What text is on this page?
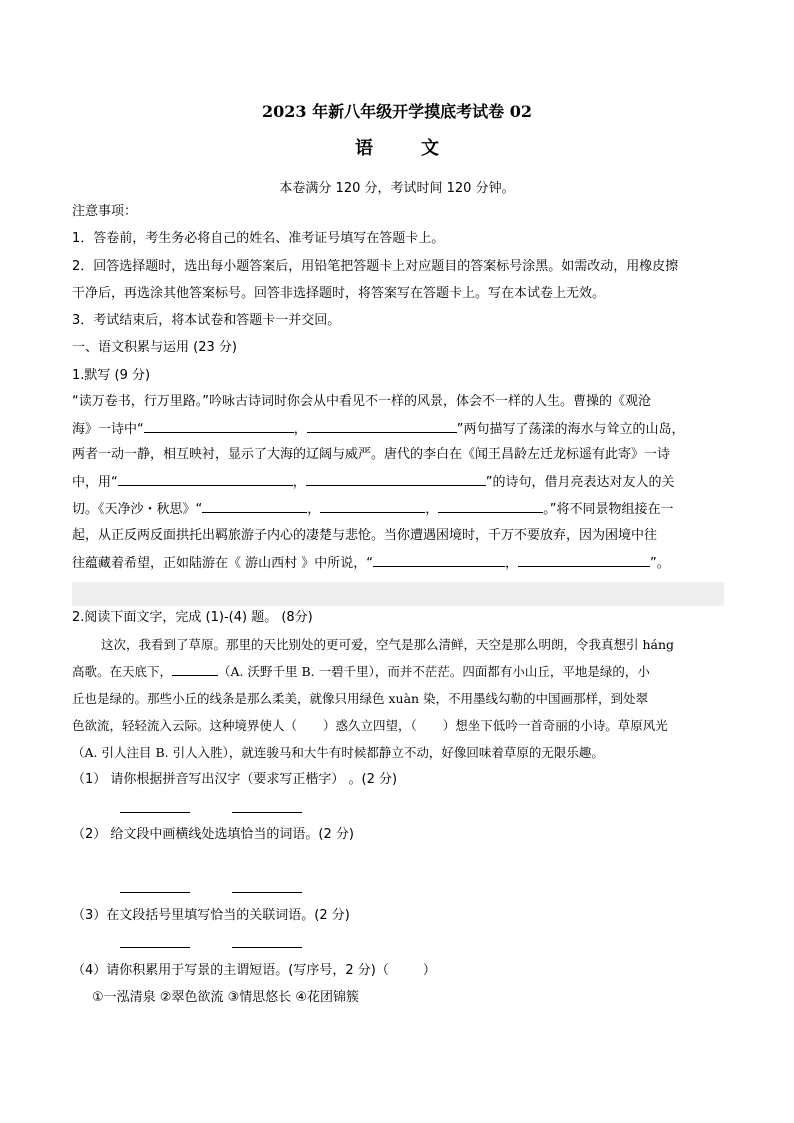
2023 年新八年级开学摸底考试卷 02
语文
本卷满分 120 分，考试时间 120 分钟。
注意事项：
1．答卷前，考生务必将自己的姓名、准考证号填写在答题卡上。
2．回答选择题时，选出每小题答案后，用铅笔把答题卡上对应题目的答案标号涂黑。如需改动，用橡皮擦
干净后，再选涂其他答案标号。回答非选择题时，将答案写在答题卡上。写在本试卷上无效。
3．考试结束后，将本试卷和答题卡一并交回。
一、语文积累与运用 (23 分)
1.默写 (9 分)
“读万卷书，行万里路。”吟咏古诗词时你会从中看见不一样的风景，体会不一样的人生。曹操的《观沧
海》一诗中“	，	”两句描写了荡漾的海水与耸立的山岛，
两者一动一静，相互映衬，显示了大海的辽阔与威严。唐代的李白在《闻王昌龄左迁龙标遥有此寄》一诗
中，用“	，	”的诗句，借月亮表达对友人的关
切。《天净沙・秋思》“	，	，	。”将不同景物组接在一
起，从正反两反面拱托出羁旅游子内心的凄楚与悲怆。当你遭遇困境时，千万不要放弃，因为困境中往
往蕴藏着希望，正如陆游在《 游山西村 》中所说，“	，	”。
2.阅读下面文字，完成 (1)-(4) 题。 (8分)
这次，我看到了草原。那里的天比别处的更可爱，空气是那么清鲜，天空是那么明朗，令我真想引 háng
高歌。在天底下，	（A. 沃野千里 B. 一碧千里），而并不茫茫。四面都有小山丘，平地是绿的，小
丘也是绿的。那些小丘的线条是那么柔美，就像只用绿色 xuàn 染，不用墨线勾勒的中国画那样，到处翠
色欲流，轻轻流入云际。这种境界使人（ ）惑久立四望，（ ）想坐下低吟一首奇丽的小诗。草原风光
（A. 引人注目 B. 引人入胜），就连骏马和大牛有时候都静立不动，好像回味着草原的无限乐趣。
（1） 请你根据拼音写出汉字（要求写正楷字） 。(2 分)
（2） 给文段中画横线处选填恰当的词语。(2 分)
（3）在文段括号里填写恰当的关联词语。(2 分)
（4）请你积累用于写景的主谓短语。(写序号，2 分)（	）
①一泓清泉 ②翠色欲流 ③情思悠长 ④花团锦簇
